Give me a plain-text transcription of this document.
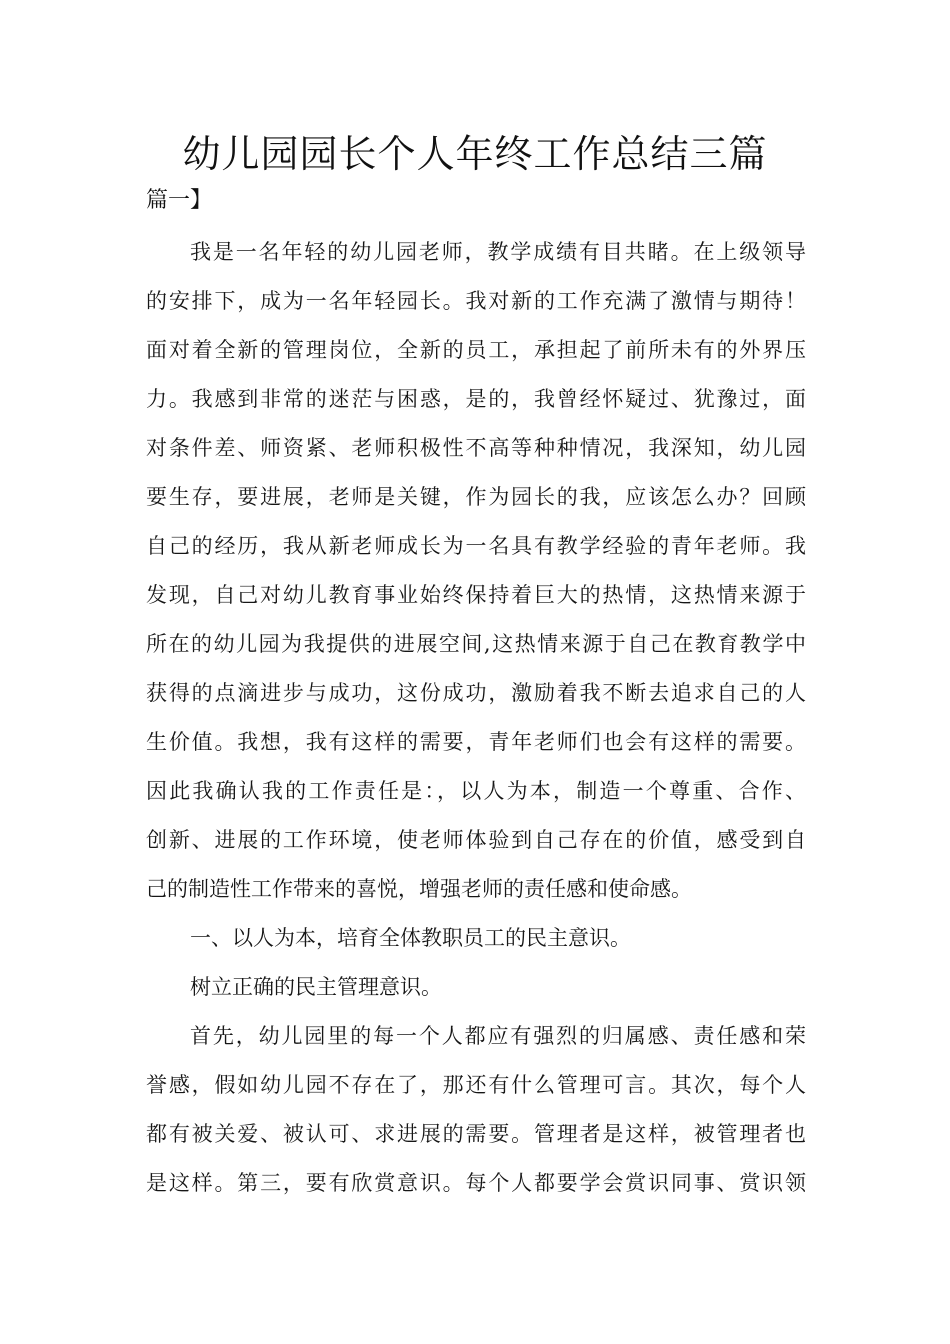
幼儿园园长个人年终工作总结三篇

篇一】

我是一名年轻的幼儿园老师，教学成绩有目共睹。在上级领导
的安排下，成为一名年轻园长。我对新的工作充满了激情与期待！
面对着全新的管理岗位，全新的员工，承担起了前所未有的外界压
力。我感到非常的迷茫与困惑，是的，我曾经怀疑过、犹豫过，面
对条件差、师资紧、老师积极性不高等种种情况，我深知，幼儿园
要生存，要进展，老师是关键，作为园长的我，应该怎么办？回顾
自己的经历，我从新老师成长为一名具有教学经验的青年老师。我
发现，自己对幼儿教育事业始终保持着巨大的热情，这热情来源于
所在的幼儿园为我提供的进展空间,这热情来源于自己在教育教学中
获得的点滴进步与成功，这份成功，激励着我不断去追求自己的人
生价值。我想，我有这样的需要，青年老师们也会有这样的需要。
因此我确认我的工作责任是：，以人为本，制造一个尊重、合作、
创新、进展的工作环境，使老师体验到自己存在的价值，感受到自
己的制造性工作带来的喜悦，增强老师的责任感和使命感。
一、以人为本，培育全体教职员工的民主意识。
树立正确的民主管理意识。
首先，幼儿园里的每一个人都应有强烈的归属感、责任感和荣
誉感，假如幼儿园不存在了，那还有什么管理可言。其次，每个人
都有被关爱、被认可、求进展的需要。管理者是这样，被管理者也
是这样。第三，要有欣赏意识。每个人都要学会赏识同事、赏识领
